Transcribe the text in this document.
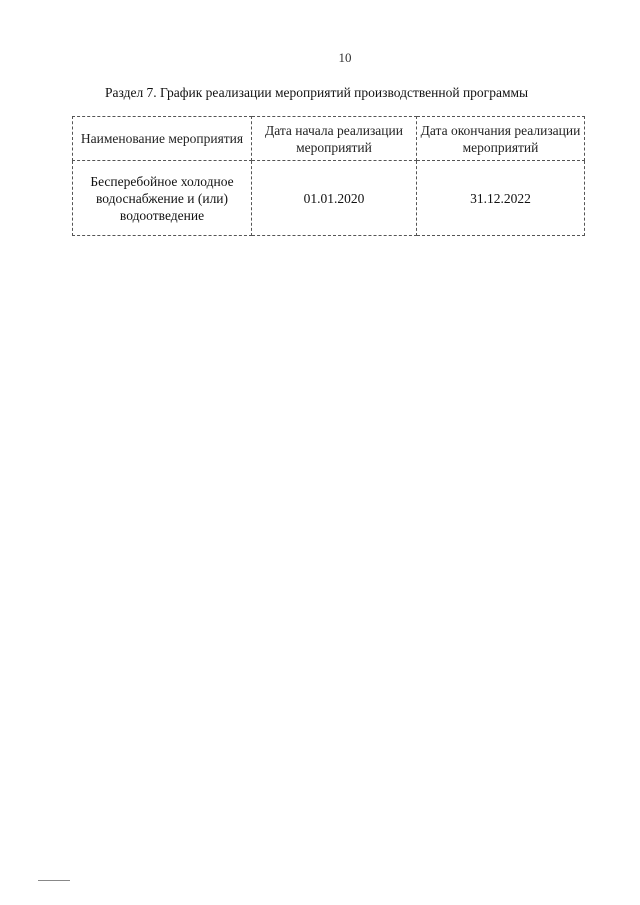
10
Раздел 7. График реализации мероприятий производственной программы
Наименование мероприятия	Дата начала реализации мероприятий	Дата окончания реализации мероприятий
Бесперебойное холодное водоснабжение и (или) водоотведение	01.01.2020	31.12.2022
